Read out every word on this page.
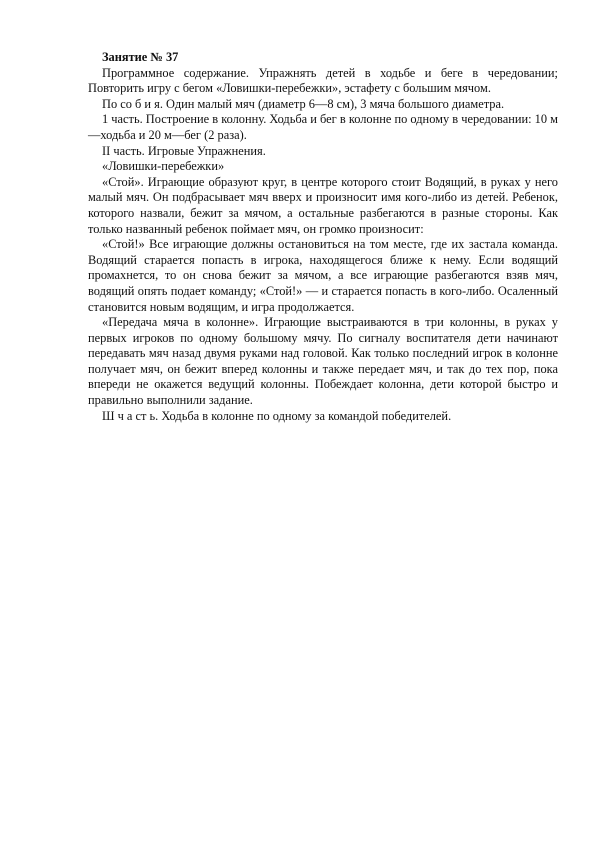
Занятие № 37

Программное содержание. Упражнять детей в ходьбе и беге в чередовании; Повторить игру с бегом «Ловишки-перебежки», эстафету с большим мячом.

По со б и я. Один малый мяч (диаметр 6—8 см), 3 мяча большого диаметра.

1 часть. Построение в колонну. Ходьба и бег в колонне по одному в чередовании: 10 м—ходьба и 20 м—бег (2 раза).

II часть. Игровые Упражнения.

«Ловишки-перебежки»

«Стой». Играющие образуют круг, в центре которого стоит Водящий, в руках у него малый мяч. Он подбрасывает мяч вверх и произносит имя кого-либо из детей. Ребенок, которого назвали, бежит за мячом, а остальные разбегаются в разные стороны. Как только названный ребенок поймает мяч, он громко произносит:

«Стой!» Все играющие должны остановиться на том месте, где их застала команда. Водящий старается попасть в игрока, находящегося ближе к нему. Если водящий промахнется, то он снова бежит за мячом, а все играющие разбегаются взяв мяч, водящий опять подает команду; «Стой!» — и старается попасть в кого-либо. Осаленный становится новым водящим, и игра продолжается.

«Передача мяча в колонне». Играющие выстраиваются в три колонны, в руках у первых игроков по одному большому мячу. По сигналу воспитателя дети начинают передавать мяч назад двумя руками над головой. Как только последний игрок в колонне получает мяч, он бежит вперед колонны и также передает мяч, и так до тех пор, пока впереди не окажется ведущий колонны. Побеждает колонна, дети которой быстро и правильно выполнили задание.

Ш ч а ст ь. Ходьба в колонне по одному за командой победителей.
